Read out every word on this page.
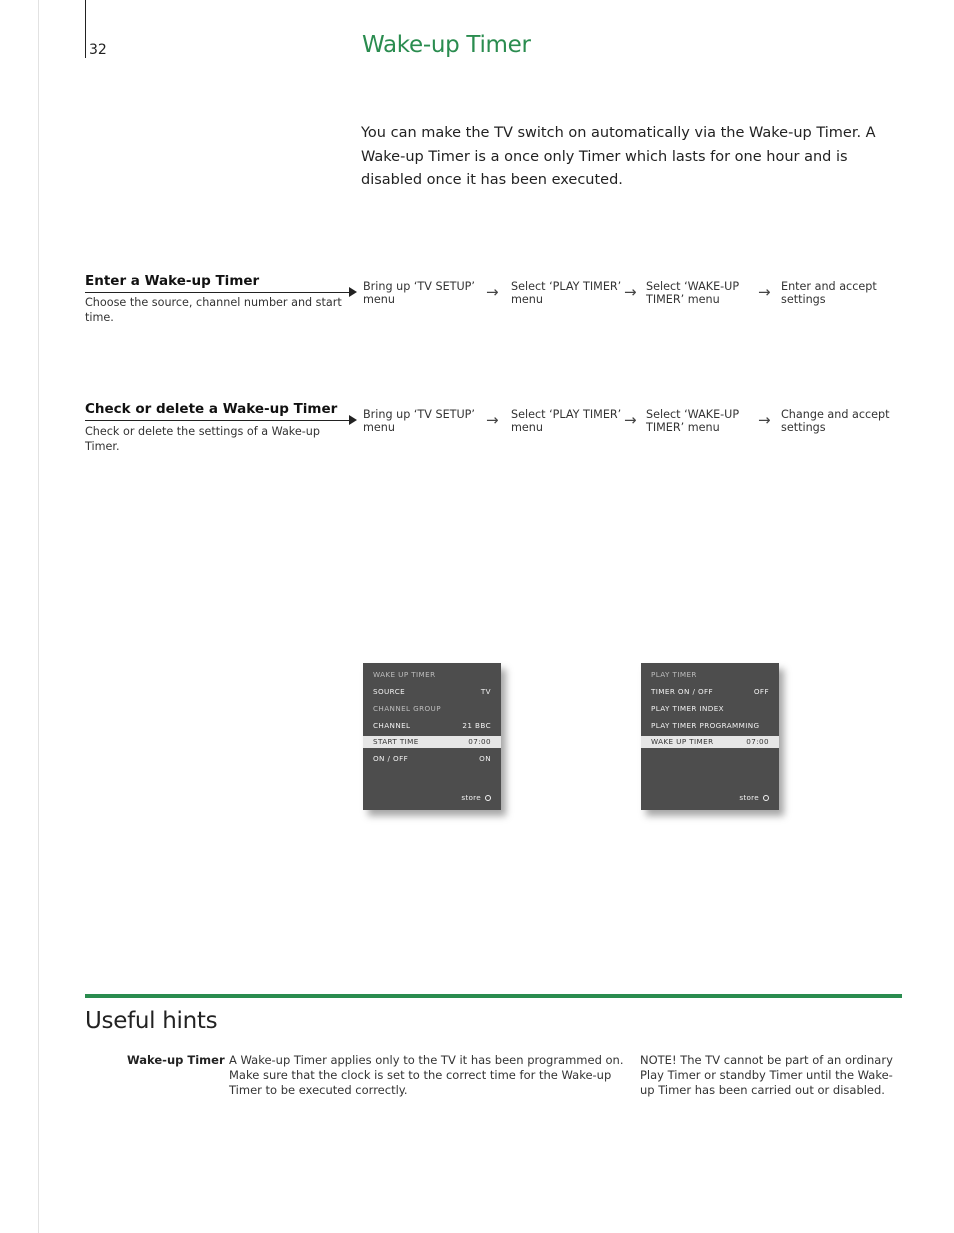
32	Wake-up Timer
You can make the TV switch on automatically via the Wake-up Timer. A Wake-up Timer is a once only Timer which lasts for one hour and is disabled once it has been executed.
Enter a Wake-up Timer
Choose the source, channel number and start time.
Bring up ‘TV SETUP’ menu	→ Select ‘PLAY TIMER’ menu	→ Select ‘WAKE-UP TIMER’ menu	→ Enter and accept settings
Check or delete a Wake-up Timer
Check or delete the settings of a Wake-up Timer.
Bring up ‘TV SETUP’ menu	→ Select ‘PLAY TIMER’ menu	→ Select ‘WAKE-UP TIMER’ menu	→ Change and accept settings
WAKE UP TIMER
SOURCE	TV
CHANNEL GROUP
CHANNEL	21 BBC
START TIME	07:00
ON / OFF	ON
store
PLAY TIMER
TIMER ON / OFF	OFF
PLAY TIMER INDEX
PLAY TIMER PROGRAMMING
WAKE UP TIMER	07:00
store
Useful hints
Wake-up Timer A Wake-up Timer applies only to the TV it has been programmed on. Make sure that the clock is set to the correct time for the Wake-up Timer to be executed correctly.
NOTE! The TV cannot be part of an ordinary Play Timer or standby Timer until the Wake-up Timer has been carried out or disabled.
